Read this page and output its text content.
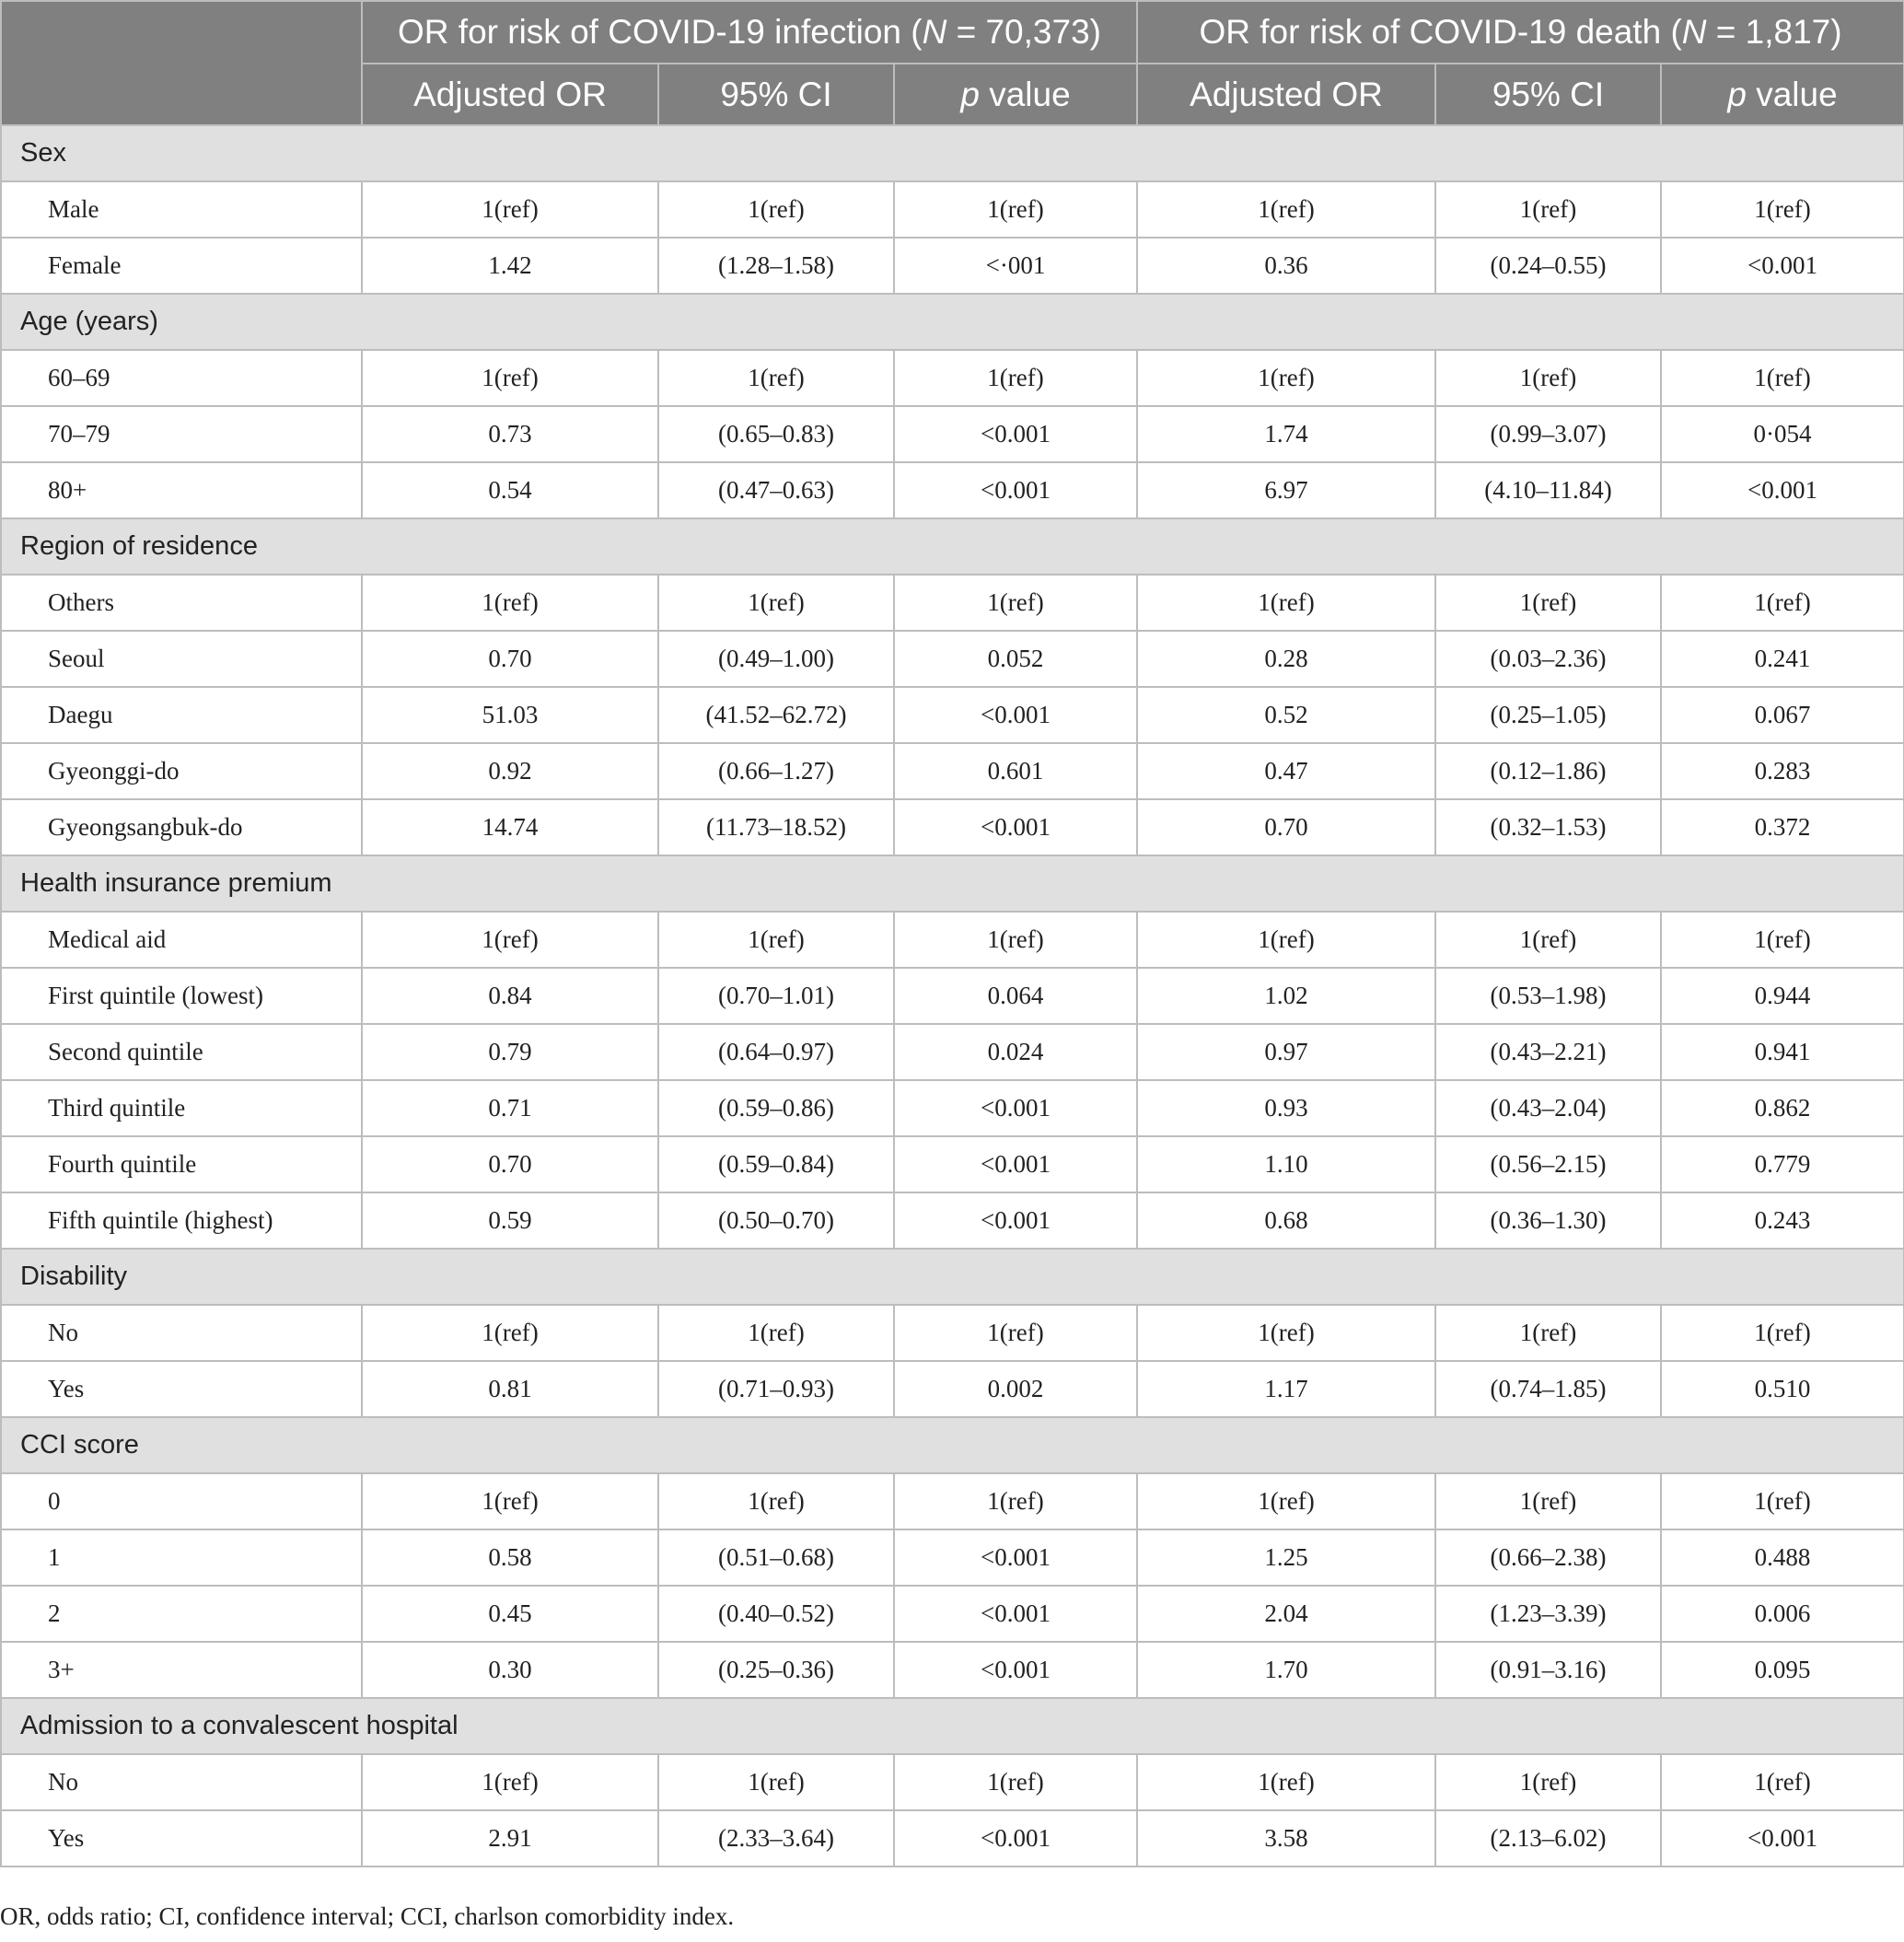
	OR for risk of COVID-19 infection (N = 70,373)			OR for risk of COVID-19 death (N = 1,817)		
	Adjusted OR	95% CI	p value	Adjusted OR	95% CI	p value
Sex						
Male	1(ref)	1(ref)	1(ref)	1(ref)	1(ref)	1(ref)
Female	1.42	(1.28–1.58)	<·001	0.36	(0.24–0.55)	<0.001
Age (years)						
60–69	1(ref)	1(ref)	1(ref)	1(ref)	1(ref)	1(ref)
70–79	0.73	(0.65–0.83)	<0.001	1.74	(0.99–3.07)	0·054
80+	0.54	(0.47–0.63)	<0.001	6.97	(4.10–11.84)	<0.001
Region of residence						
Others	1(ref)	1(ref)	1(ref)	1(ref)	1(ref)	1(ref)
Seoul	0.70	(0.49–1.00)	0.052	0.28	(0.03–2.36)	0.241
Daegu	51.03	(41.52–62.72)	<0.001	0.52	(0.25–1.05)	0.067
Gyeonggi-do	0.92	(0.66–1.27)	0.601	0.47	(0.12–1.86)	0.283
Gyeongsangbuk-do	14.74	(11.73–18.52)	<0.001	0.70	(0.32–1.53)	0.372
Health insurance premium						
Medical aid	1(ref)	1(ref)	1(ref)	1(ref)	1(ref)	1(ref)
First quintile (lowest)	0.84	(0.70–1.01)	0.064	1.02	(0.53–1.98)	0.944
Second quintile	0.79	(0.64–0.97)	0.024	0.97	(0.43–2.21)	0.941
Third quintile	0.71	(0.59–0.86)	<0.001	0.93	(0.43–2.04)	0.862
Fourth quintile	0.70	(0.59–0.84)	<0.001	1.10	(0.56–2.15)	0.779
Fifth quintile (highest)	0.59	(0.50–0.70)	<0.001	0.68	(0.36–1.30)	0.243
Disability						
No	1(ref)	1(ref)	1(ref)	1(ref)	1(ref)	1(ref)
Yes	0.81	(0.71–0.93)	0.002	1.17	(0.74–1.85)	0.510
CCI score						
0	1(ref)	1(ref)	1(ref)	1(ref)	1(ref)	1(ref)
1	0.58	(0.51–0.68)	<0.001	1.25	(0.66–2.38)	0.488
2	0.45	(0.40–0.52)	<0.001	2.04	(1.23–3.39)	0.006
3+	0.30	(0.25–0.36)	<0.001	1.70	(0.91–3.16)	0.095
Admission to a convalescent hospital						
No	1(ref)	1(ref)	1(ref)	1(ref)	1(ref)	1(ref)
Yes	2.91	(2.33–3.64)	<0.001	3.58	(2.13–6.02)	<0.001
OR, odds ratio; CI, confidence interval; CCI, charlson comorbidity index.
